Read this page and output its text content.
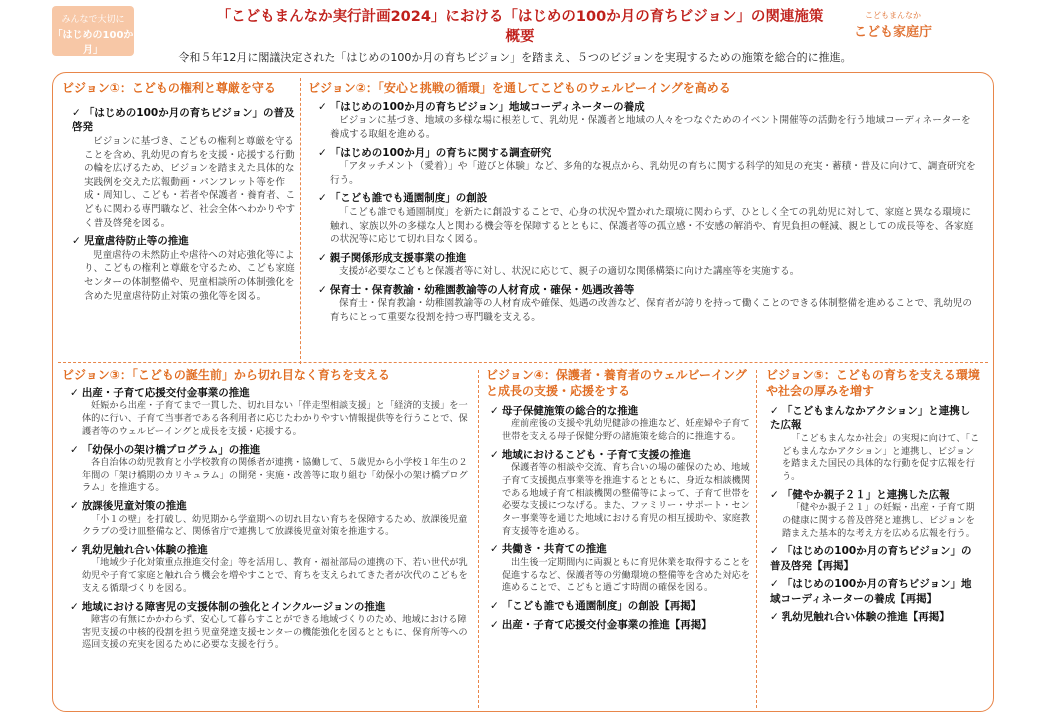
みんなで大切に
「はじめの100か月」
「こどもまんなか実行計画2024」における「はじめの100か月の育ちビジョン」の関連施策
概要
令和５年12月に閣議決定された「はじめの100か月の育ちビジョン」を踏まえ、５つのビジョンを実現するための施策を総合的に推進。
こどもまんなか
こども家庭庁
ビジョン①：こどもの権利と尊厳を守る
✓ 「はじめの100か月の育ちビジョン」の普及啓発
ビジョンに基づき、こどもの権利と尊厳を守ることを含め、乳幼児の育ちを支援・応援する行動の輪を広げるため、ビジョンを踏まえた具体的な実践例を交えた広報動画・パンフレット等を作成・周知し、こども・若者や保護者・養育者、こどもに関わる専門職など、社会全体へわかりやすく普及啓発を図る。
✓ 児童虐待防止等の推進
児童虐待の未然防止や虐待への対応強化等により、こどもの権利と尊厳を守るため、こども家庭センターの体制整備や、児童相談所の体制強化を含めた児童虐待防止対策の強化等を図る。
ビジョン②：「安心と挑戦の循環」を通してこどものウェルビーイングを高める
✓ 「はじめの100か月の育ちビジョン」地域コーディネーターの養成
ビジョンに基づき、地域の多様な場に根差して、乳幼児・保護者と地域の人々をつなぐためのイベント開催等の活動を行う地域コーディネーターを養成する取組を進める。
✓ 「はじめの100か月」の育ちに関する調査研究
「アタッチメント（愛着）」や「遊びと体験」など、多角的な視点から、乳幼児の育ちに関する科学的知見の充実・蓄積・普及に向けて、調査研究を行う。
✓ 「こども誰でも通園制度」の創設
「こども誰でも通園制度」を新たに創設することで、心身の状況や置かれた環境に関わらず、ひとしく全ての乳幼児に対して、家庭と異なる環境に触れ、家族以外の多様な人と関わる機会等を保障するとともに、保護者等の孤立感・不安感の解消や、育児負担の軽減、親としての成長等を、各家庭の状況等に応じて切れ目なく図る。
✓ 親子関係形成支援事業の推進
支援が必要なこどもと保護者等に対し、状況に応じて、親子の適切な関係構築に向けた講座等を実施する。
✓ 保育士・保育教諭・幼稚園教諭等の人材育成・確保・処遇改善等
保育士・保育教諭・幼稚園教諭等の人材育成や確保、処遇の改善など、保育者が誇りを持って働くことのできる体制整備を進めることで、乳幼児の育ちにとって重要な役割を持つ専門職を支える。
ビジョン③：「こどもの誕生前」から切れ目なく育ちを支える
✓ 出産・子育て応援交付金事業の推進
妊娠から出産・子育てまで一貫した、切れ目ない「伴走型相談支援」と「経済的支援」を一体的に行い、子育て当事者である各利用者に応じたわかりやすい情報提供等を行うことで、保護者等のウェルビーイングと成長を支援・応援する。
✓ 「幼保小の架け橋プログラム」の推進
各自治体の幼児教育と小学校教育の関係者が連携・協働して、５歳児から小学校１年生の２年間の「架け橋期のカリキュラム」の開発・実施・改善等に取り組む「幼保小の架け橋プログラム」を推進する。
✓ 放課後児童対策の推進
「小１の壁」を打破し、幼児期から学童期への切れ目ない育ちを保障するため、放課後児童クラブの受け皿整備など、関係省庁で連携して放課後児童対策を推進する。
✓ 乳幼児触れ合い体験の推進
「地域少子化対策重点推進交付金」等を活用し、教育・福祉部局の連携の下、若い世代が乳幼児や子育て家庭と触れ合う機会を増やすことで、育ちを支えられてきた者が次代のこどもを支える循環づくりを図る。
✓ 地域における障害児の支援体制の強化とインクルージョンの推進
障害の有無にかかわらず、安心して暮らすことができる地域づくりのため、地域における障害児支援の中核的役割を担う児童発達支援センターの機能強化を図るとともに、保育所等への巡回支援の充実を図るために必要な支援を行う。
ビジョン④：保護者・養育者のウェルビーイングと成長の支援・応援をする
✓ 母子保健施策の総合的な推進
産前産後の支援や乳幼児健診の推進など、妊産婦や子育て世帯を支える母子保健分野の諸施策を総合的に推進する。
✓ 地域におけるこども・子育て支援の推進
保護者等の相談や交流、育ち合いの場の確保のため、地域子育て支援拠点事業等を推進するとともに、身近な相談機関である地域子育て相談機関の整備等によって、子育て世帯を必要な支援につなげる。また、ファミリー・サポート・センター事業等を通じた地域における育児の相互援助や、家庭教育支援等を進める。
✓ 共働き・共育ての推進
出生後一定期間内に両親ともに育児休業を取得することを促進するなど、保護者等の労働環境の整備等を含めた対応を進めることで、こどもと過ごす時間の確保を図る。
✓ 「こども誰でも通園制度」の創設【再掲】
✓ 出産・子育て応援交付金事業の推進【再掲】
ビジョン⑤：こどもの育ちを支える環境や社会の厚みを増す
✓ 「こどもまんなかアクション」と連携した広報
「こどもまんなか社会」の実現に向けて、「こどもまんなかアクション」と連携し、ビジョンを踏まえた国民の具体的な行動を促す広報を行う。
✓ 「健やか親子２１」と連携した広報
「健やか親子２１」の妊娠・出産・子育て期の健康に関する普及啓発と連携し、ビジョンを踏まえた基本的な考え方を広める広報を行う。
✓ 「はじめの100か月の育ちビジョン」の普及啓発【再掲】
✓ 「はじめの100か月の育ちビジョン」地域コーディネーターの養成【再掲】
✓ 乳幼児触れ合い体験の推進【再掲】
